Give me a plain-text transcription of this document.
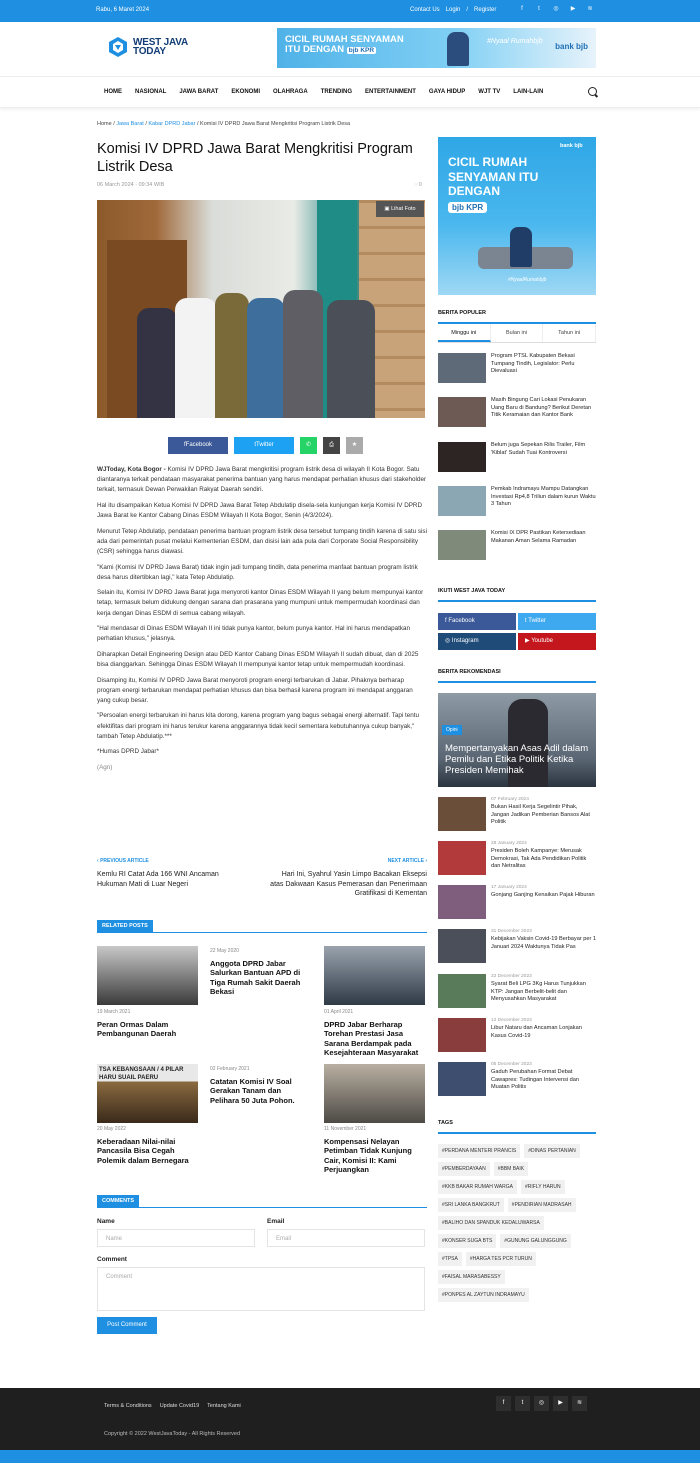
Rabu, 6 Maret 2024	Contact Us Login / Register	f	t	◎ ▶ ≋
WEST JAVA
TODAY
CICIL RUMAH SENYAMAN
ITU DENGAN bjb KPR
#Nyaal Rumahbjb
bank bjb
HOME NASIONAL JAWA BARAT EKONOMI OLAHRAGA TRENDING ENTERTAINMENT GAYA HIDUP WJT TV LAIN-LAIN
Home / Jawa Barat / Kabar DPRD Jabar / Komisi IV DPRD Jawa Barat Mengkritisi Program Listrik Desa
Komisi IV DPRD Jawa Barat Mengkritisi Program Listrik Desa
06 March 2024 · 09:34 WIB	◌ 0
▣ Lihat Foto
fFacebook	tTwitter	✆	⎙	★

WJToday, Kota Bogor - Komisi IV DPRD Jawa Barat mengkritisi program listrik desa di wilayah II Kota Bogor. Satu diantaranya terkait pendataan masyarakat penerima bantuan yang harus mendapat perhatian khusus dari stakeholder terkait, termasuk Dewan Perwakilan Rakyat Daerah sendiri.

Hal itu disampaikan Ketua Komisi IV DPRD Jawa Barat Tetep Abdulatip disela-sela kunjungan kerja Komisi IV DPRD Jawa Barat ke Kantor Cabang Dinas ESDM Wilayah II Kota Bogor, Senin (4/3/2024).

Menurut Tetep Abdulatip, pendataan penerima bantuan program listrik desa tersebut tumpang tindih karena di satu sisi ada dari pemerintah pusat melalui Kementerian ESDM, dan disisi lain ada pula dari Corporate Social Responsibility (CSR) sehingga harus diawasi.

"Kami (Komisi IV DPRD Jawa Barat) tidak ingin jadi tumpang tindih, data penerima manfaat bantuan program listrik desa harus ditertibkan lagi," kata Tetep Abdulatip.

Selain itu, Komisi IV DPRD Jawa Barat juga menyoroti kantor Dinas ESDM Wilayah II yang belum mempunyai kantor tetap, termasuk belum didukung dengan sarana dan prasarana yang mumpuni untuk mempermudah koordinasi dan kerja dengan Dinas ESDM di semua cabang wilayah.

"Hal mendasar di Dinas ESDM Wilayah II ini tidak punya kantor, belum punya kantor. Hal ini harus mendapatkan perhatian khusus," jelasnya.

Diharapkan Detail Engineering Design atau DED Kantor Cabang Dinas ESDM Wilayah II sudah dibuat, dan di 2025 bisa dianggarkan. Sehingga Dinas ESDM Wilayah II mempunyai kantor tetap untuk mempermudah koordinasi.

Disamping itu, Komisi IV DPRD Jawa Barat menyoroti program energi terbarukan di Jabar. Pihaknya berharap program energi terbarukan mendapat perhatian khusus dan bisa berhasil karena program ini mendapat anggaran yang cukup besar.

"Persoalan energi terbarukan ini harus kita dorong, karena program yang bagus sebagai energi alternatif. Tapi tentu efektifitas dari program ini harus terukur karena anggarannya tidak kecil sementara kebutuhannya cukup banyak," tambah Tetep Abdulatip.***

*Humas DPRD Jabar*

(Agn)

‹ PREVIOUS ARTICLE
Kemlu RI Catat Ada 166 WNI Ancaman Hukuman Mati di Luar Negeri
NEXT ARTICLE ›
Hari Ini, Syahrul Yasin Limpo Bacakan Eksepsi atas Dakwaan Kasus Pemerasan dan Penerimaan Gratifikasi di Kementan
RELATED POSTS
19 March 2021
Peran Ormas Dalam Pembangunan Daerah
22 May 2020
Anggota DPRD Jabar Salurkan Bantuan APD di Tiga Rumah Sakit Daerah Bekasi
01 April 2021
DPRD Jabar Berharap Torehan Prestasi Jasa Sarana Berdampak pada Kesejahteraan Masyarakat
TSA KEBANGSAAN / 4 PILAR HARU SUAIL PAERU
20 May 2022
Keberadaan Nilai-nilai Pancasila Bisa Cegah Polemik dalam Bernegara
02 February 2021
Catatan Komisi IV Soal Gerakan Tanam dan Pelihara 50 Juta Pohon.
11 November 2021
Kompensasi Nelayan Petimban Tidak Kunjung Cair, Komisi II: Kami Perjuangkan
COMMENTS
Name
Name
Email
Email
Comment
Comment
Post Comment
bank bjb
CICIL RUMAH
SENYAMAN ITU
DENGAN
bjb KPR
#NyaalRumahbjb
BERITA POPULER
Minggu ini	Bulan ini	Tahun ini
Program PTSL Kabupaten Bekasi Tumpang Tindih, Legislator: Perlu Dievaluasi
Masih Bingung Cari Lokasi Penukaran Uang Baru di Bandung? Berikut Deretan Titik Keramaian dan Kantor Bank
Belum juga Sepekan Rilis Trailer, Film 'Kiblat' Sudah Tuai Kontroversi
Pemkab Indramayu Mampu Datangkan Investasi Rp4,8 Triliun dalam kurun Waktu 3 Tahun
Komisi IX DPR Pastikan Ketersediaan Makanan Aman Selama Ramadan
IKUTI WEST JAVA TODAY
f Facebook	t Twitter
◎ Instagram	▶ Youtube
BERITA REKOMENDASI
Opini
Mempertanyakan Asas Adil dalam Pemilu dan Etika Politik Ketika Presiden Memihak
07 February 2024
Bukan Hasil Kerja Segelintir Pihak, Jangan Jadikan Pemberian Bansos Alat Politik
28 January 2024
Presiden Boleh Kampanye: Merusak Demokrasi, Tak Ada Pendidikan Politik dan Netralitas
17 January 2024
Gonjang Ganjing Kenaikan Pajak Hiburan
31 December 2023
Kebijakan Vaksin Covid-19 Berbayar per 1 Januari 2024 Waktunya Tidak Pas
22 December 2023
Syarat Beli LPG 3Kg Harus Tunjukkan KTP: Jangan Berbelit-belit dan Menyusahkan Masyarakat
12 December 2023
Libur Nataru dan Ancaman Lonjakan Kasus Covid-19
05 December 2023
Gaduh Perubahan Format Debat Cawapres: Tudingan Intervensi dan Muatan Politis
TAGS
#PERDANA MENTERI PRANCIS	#DINAS PERTANIAN
#PEMBERDAYAAN	#BBM BAIK
#KKB BAKAR RUMAH WARGA	#RIFLY HARUN
#SRI LANKA BANGKRUT	#PENDIRIAN MADRASAH
#BALIHO DAN SPANDUK KEDALUWARSA
#KONSER SUGA BTS	#GUNUNG GALUNGGUNG
#TPSA	#HARGA TES PCR TURUN
#FAISAL MARASABESSY
#PONPES AL ZAYTUN INDRAMAYU
Terms & Conditions Update Covid19 Tentang Kami	f	t	◎	▶	≋
Copyright © 2022 WestJavaToday - All Rights Reserved
